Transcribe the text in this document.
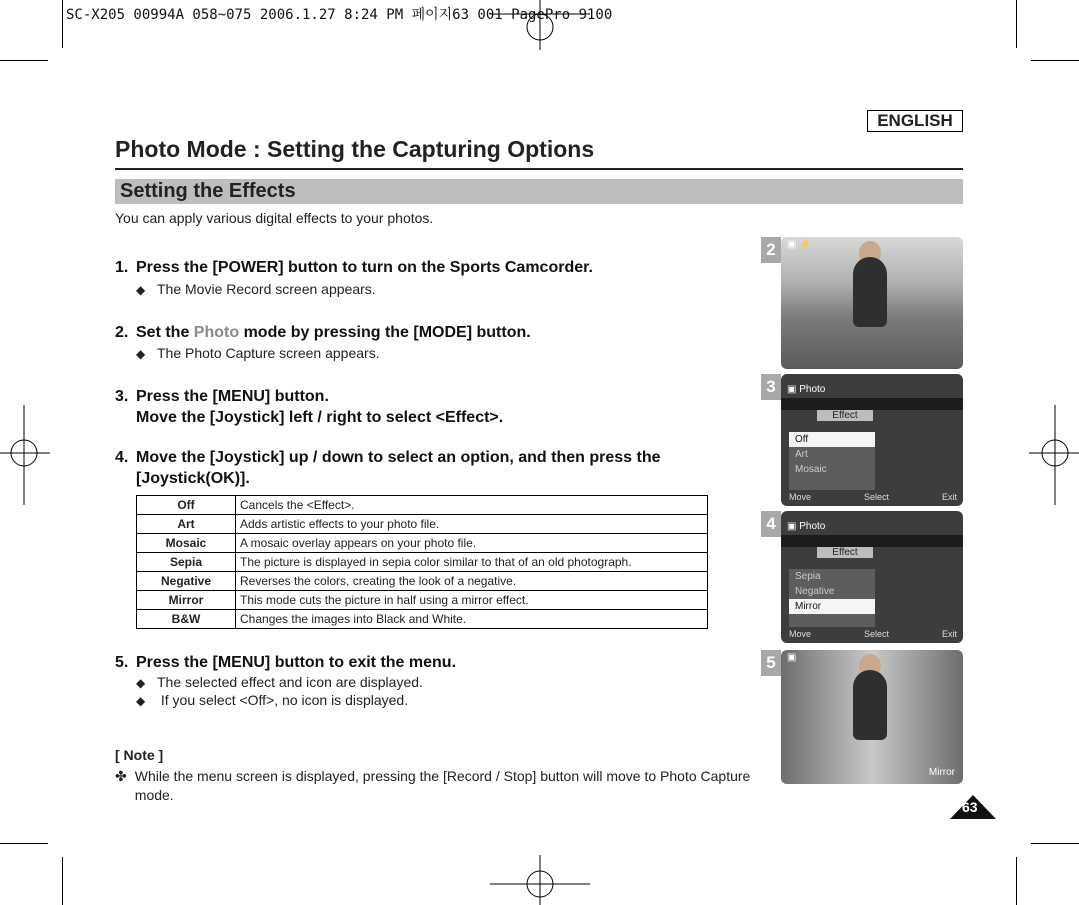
SC-X205 00994A 058~075 2006.1.27 8:24 PM 페이지63 001 PagePro 9100
ENGLISH
Photo Mode : Setting the Capturing Options
Setting the Effects
You can apply various digital effects to your photos.
1. Press the [POWER] button to turn on the Sports Camcorder.
◆ The Movie Record screen appears.
2. Set the Photo mode by pressing the [MODE] button.
◆ The Photo Capture screen appears.
3. Press the [MENU] button.
Move the [Joystick] left / right to select <Effect>.
4. Move the [Joystick] up / down to select an option, and then press the
[Joystick(OK)].
Off	Cancels the <Effect>.
Art	Adds artistic effects to your photo file.
Mosaic	A mosaic overlay appears on your photo file.
Sepia	The picture is displayed in sepia color similar to that of an old photograph.
Negative	Reverses the colors, creating the look of a negative.
Mirror	This mode cuts the picture in half using a mirror effect.
B&W	Changes the images into Black and White.
5. Press the [MENU] button to exit the menu.
◆ The selected effect and icon are displayed.
◆ If you select <Off>, no icon is displayed.
[ Note ]
✤ While the menu screen is displayed, pressing the [Record / Stop] button will move to Photo Capture mode.
2	▣ ⚡
3	▣ Photo
Effect
Off
Art
Mosaic
Move	Select	Exit
4	▣ Photo
Effect
Sepia
Negative
Mirror
Move	Select	Exit
5	▣
Mirror
63
